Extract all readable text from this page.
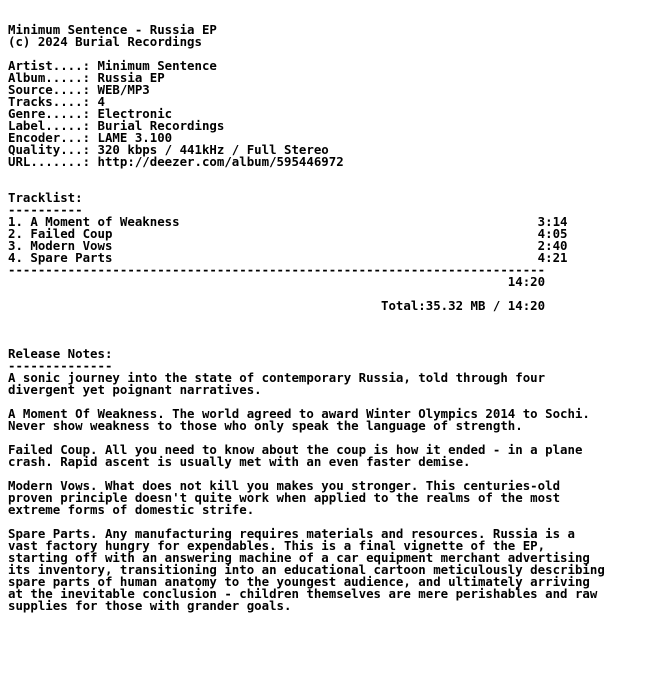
Minimum Sentence - Russia EP
(c) 2024 Burial Recordings
Artist....: Minimum Sentence
Album.....: Russia EP
Source....: WEB/MP3
Tracks....: 4
Genre.....: Electronic
Label.....: Burial Recordings
Encoder...: LAME 3.100
Quality...: 320 kbps / 441kHz / Full Stereo
URL.......: http://deezer.com/album/595446972
Tracklist:
----------
1. A Moment of Weakness                                                3:14
2. Failed Coup                                                         4:05
3. Modern Vows                                                         2:40
4. Spare Parts                                                         4:21
------------------------------------------------------------------------
14:20
Total:35.32 MB / 14:20
Release Notes:
--------------
A sonic journey into the state of contemporary Russia, told through four
divergent yet poignant narratives.
A Moment Of Weakness. The world agreed to award Winter Olympics 2014 to Sochi.
Never show weakness to those who only speak the language of strength.
Failed Coup. All you need to know about the coup is how it ended - in a plane
crash. Rapid ascent is usually met with an even faster demise.
Modern Vows. What does not kill you makes you stronger. This centuries-old
proven principle doesn't quite work when applied to the realms of the most
extreme forms of domestic strife.
Spare Parts. Any manufacturing requires materials and resources. Russia is a
vast factory hungry for expendables. This is a final vignette of the EP,
starting off with an answering machine of a car equipment merchant advertising
its inventory, transitioning into an educational cartoon meticulously describing
spare parts of human anatomy to the youngest audience, and ultimately arriving
at the inevitable conclusion - children themselves are mere perishables and raw
supplies for those with grander goals.
